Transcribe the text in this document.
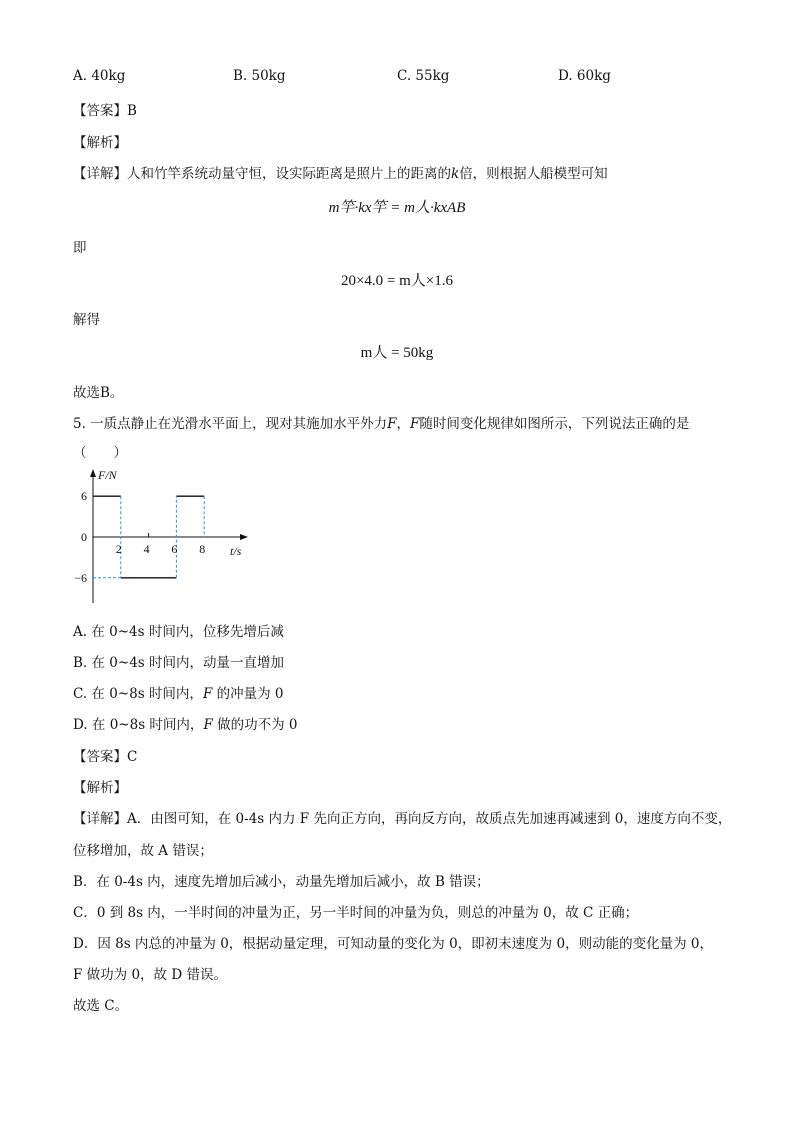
A. 40kg	B. 50kg	C. 55kg	D. 60kg
【答案】B
【解析】
【详解】人和竹竿系统动量守恒，设实际距离是照片上的距离的k倍，则根据人船模型可知
m竿·kx竿 = m人·kxAB
即
20×4.0 = m人×1.6
解得
m人 = 50kg
故选B。
5. 一质点静止在光滑水平面上，现对其施加水平外力F，F随时间变化规律如图所示，下列说法正确的是
（　　）
F/N
t/s
2 4 6 8
6
0
−6
A. 在 0~4s 时间内，位移先增后减
B. 在 0~4s 时间内，动量一直增加
C. 在 0~8s 时间内，F 的冲量为 0
D. 在 0~8s 时间内，F 做的功不为 0
【答案】C
【解析】
【详解】A．由图可知，在 0-4s 内力 F 先向正方向，再向反方向，故质点先加速再减速到 0，速度方向不变，
位移增加，故 A 错误；
B．在 0-4s 内，速度先增加后减小，动量先增加后减小，故 B 错误；
C．0 到 8s 内，一半时间的冲量为正，另一半时间的冲量为负，则总的冲量为 0，故 C 正确；
D．因 8s 内总的冲量为 0，根据动量定理，可知动量的变化为 0，即初末速度为 0，则动能的变化量为 0，
F 做功为 0，故 D 错误。
故选 C。
